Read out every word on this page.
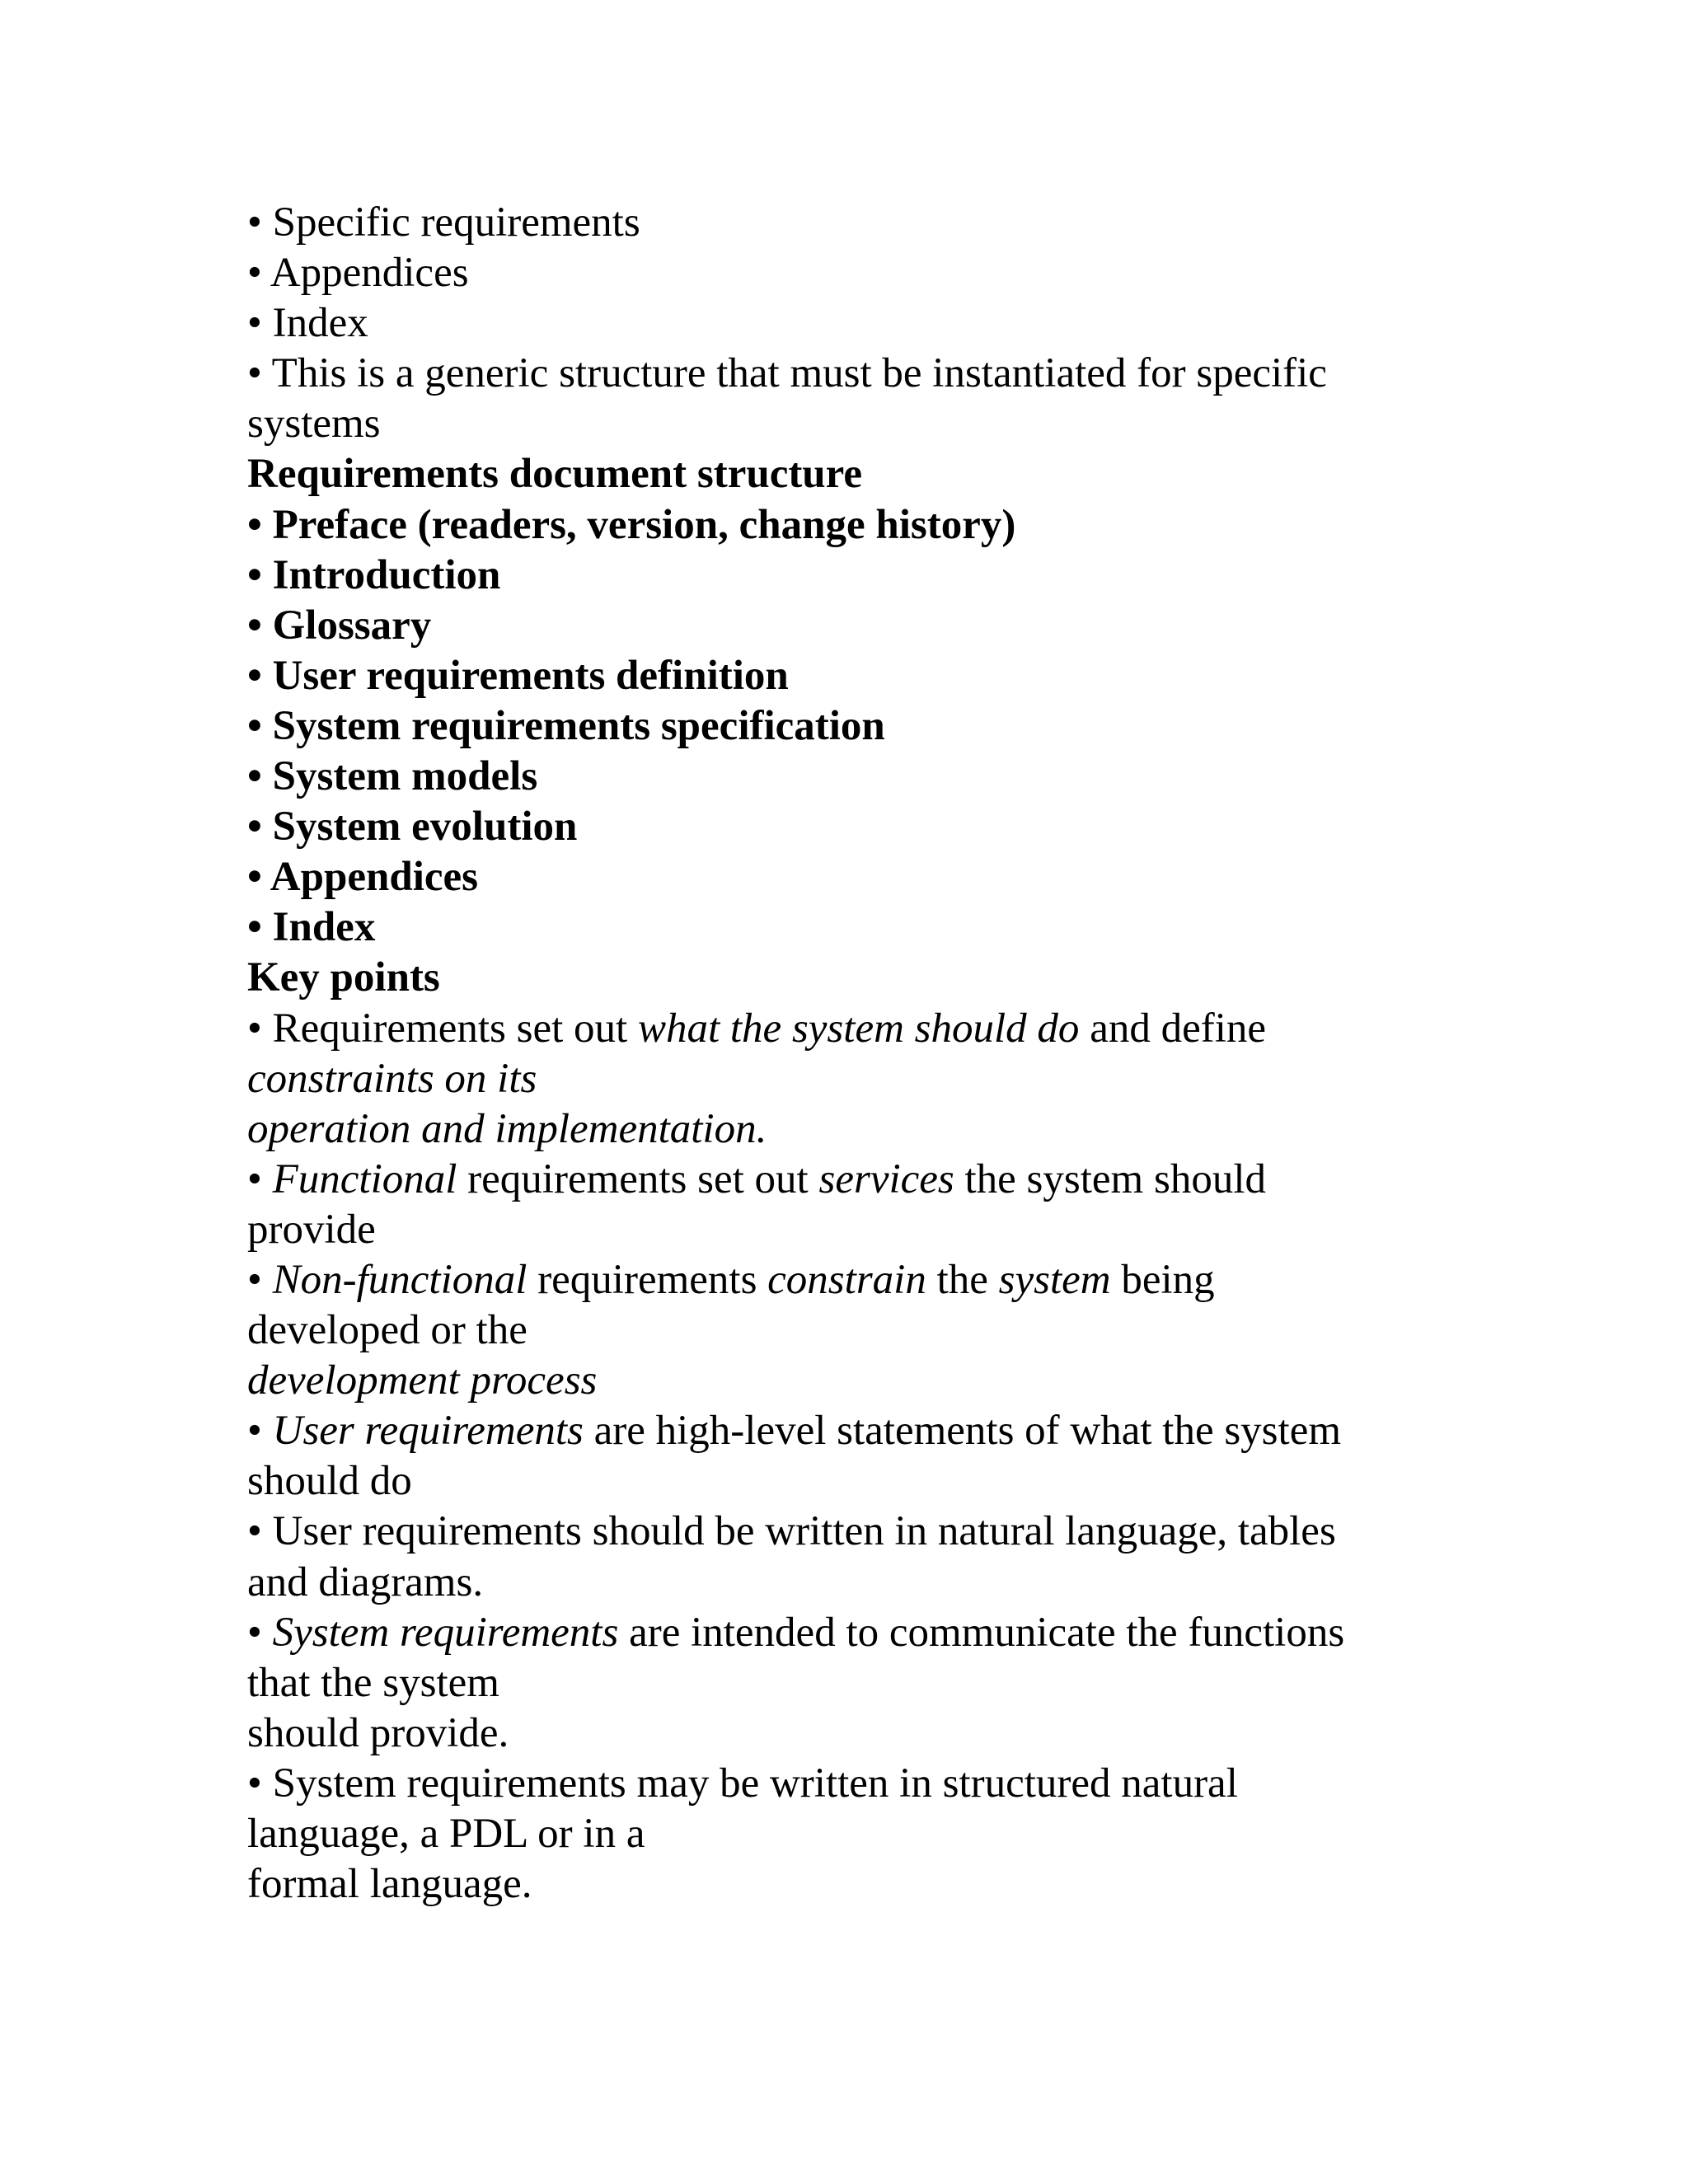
• Specific requirements
• Appendices
• Index
• This is a generic structure that must be instantiated for specific
systems
Requirements document structure
• Preface (readers, version, change history)
• Introduction
• Glossary
• User requirements definition
• System requirements specification
• System models
• System evolution
• Appendices
• Index
Key points
• Requirements set out what the system should do and define
constraints on its
operation and implementation.
• Functional requirements set out services the system should
provide
• Non-functional requirements constrain the system being
developed or the
development process
• User requirements are high-level statements of what the system
should do
• User requirements should be written in natural language, tables
and diagrams.
• System requirements are intended to communicate the functions
that the system
should provide.
• System requirements may be written in structured natural
language, a PDL or in a
formal language.
